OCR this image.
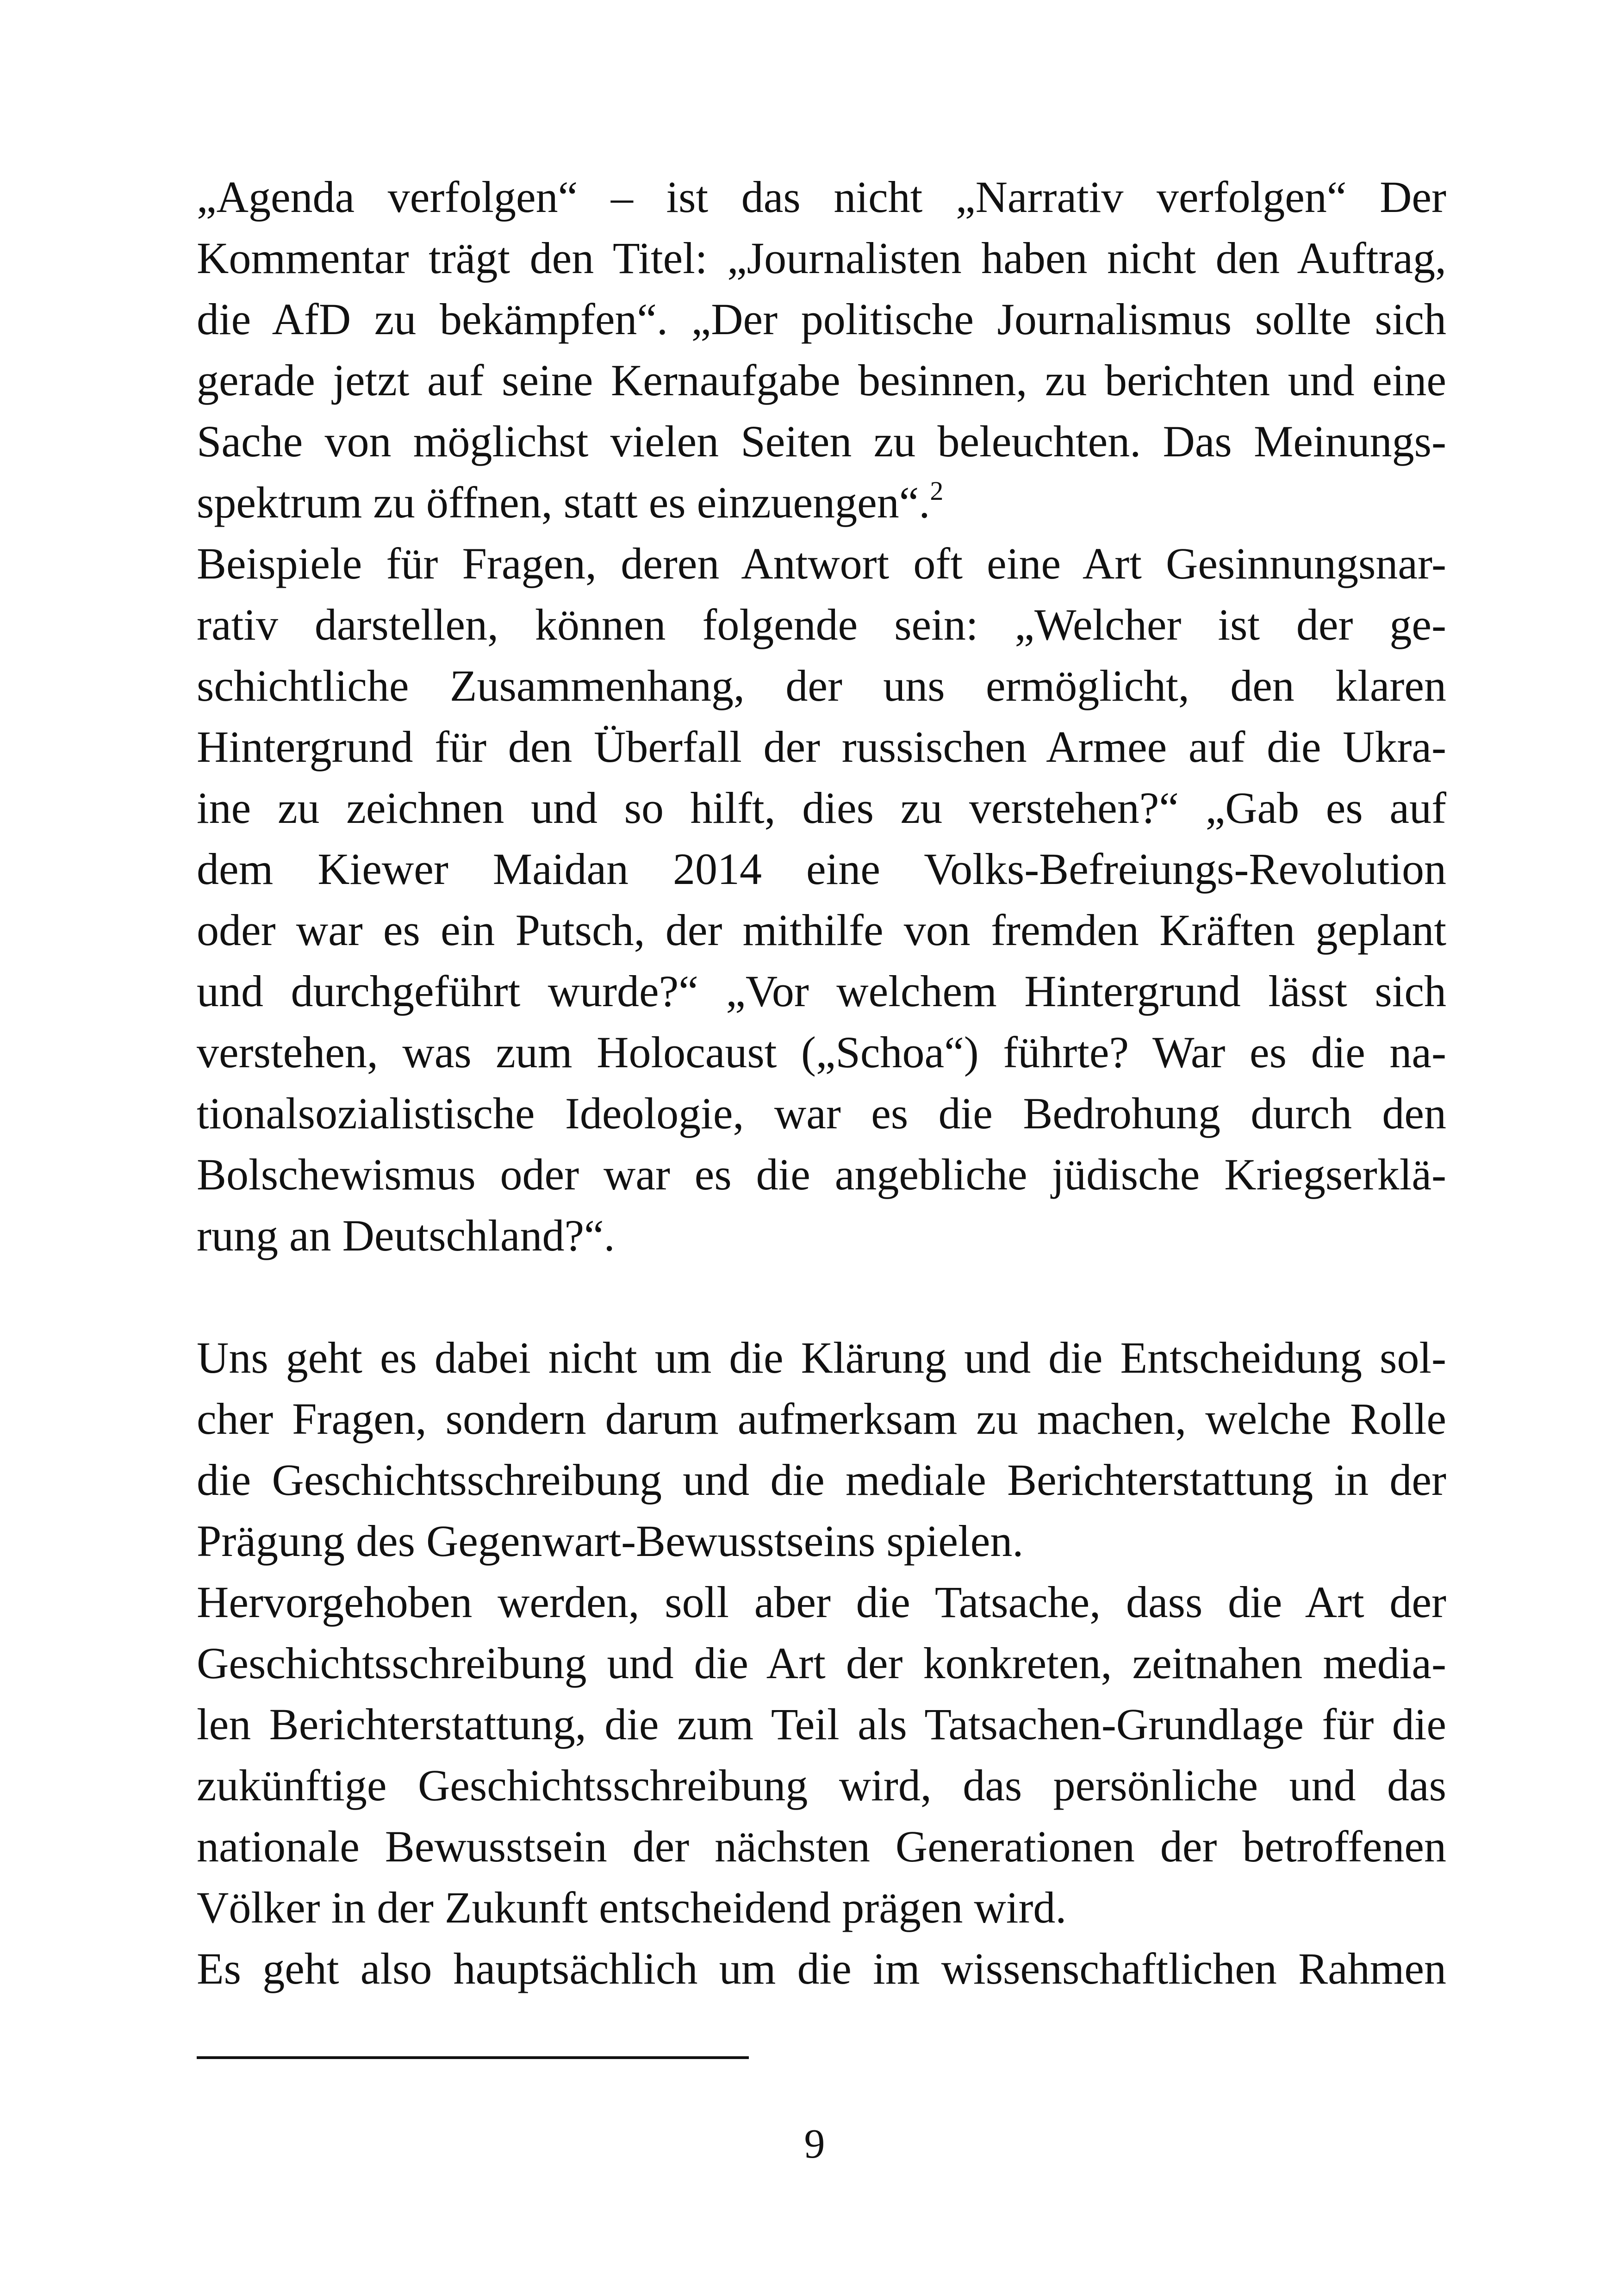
„Agenda verfolgen“ – ist das nicht „Narrativ verfolgen“ Der
Kommentar trägt den Titel: „Journalisten haben nicht den Auftrag,
die AfD zu bekämpfen“. „Der politische Journalismus sollte sich
gerade jetzt auf seine Kernaufgabe besinnen, zu berichten und eine
Sache von möglichst vielen Seiten zu beleuchten. Das Meinungs-
spektrum zu öffnen, statt es einzuengen“.$^2$
Beispiele für Fragen, deren Antwort oft eine Art Gesinnungsnar-
rativ darstellen, können folgende sein: „Welcher ist der ge-
schichtliche Zusammenhang, der uns ermöglicht, den klaren
Hintergrund für den Überfall der russischen Armee auf die Ukra-
ine zu zeichnen und so hilft, dies zu verstehen?“ „Gab es auf
dem Kiewer Maidan 2014 eine Volks-Befreiungs-Revolution
oder war es ein Putsch, der mithilfe von fremden Kräften geplant
und durchgeführt wurde?“ „Vor welchem Hintergrund lässt sich
verstehen, was zum Holocaust („Schoa“) führte? War es die na-
tionalsozialistische Ideologie, war es die Bedrohung durch den
Bolschewismus oder war es die angebliche jüdische Kriegserklä-
rung an Deutschland?“.
Uns geht es dabei nicht um die Klärung und die Entscheidung sol-
cher Fragen, sondern darum aufmerksam zu machen, welche Rolle
die Geschichtsschreibung und die mediale Berichterstattung in der
Prägung des Gegenwart-Bewusstseins spielen.
Hervorgehoben werden, soll aber die Tatsache, dass die Art der
Geschichtsschreibung und die Art der konkreten, zeitnahen media-
len Berichterstattung, die zum Teil als Tatsachen-Grundlage für die
zukünftige Geschichtsschreibung wird, das persönliche und das
nationale Bewusstsein der nächsten Generationen der betroffenen
Völker in der Zukunft entscheidend prägen wird.
Es geht also hauptsächlich um die im wissenschaftlichen Rahmen
9
